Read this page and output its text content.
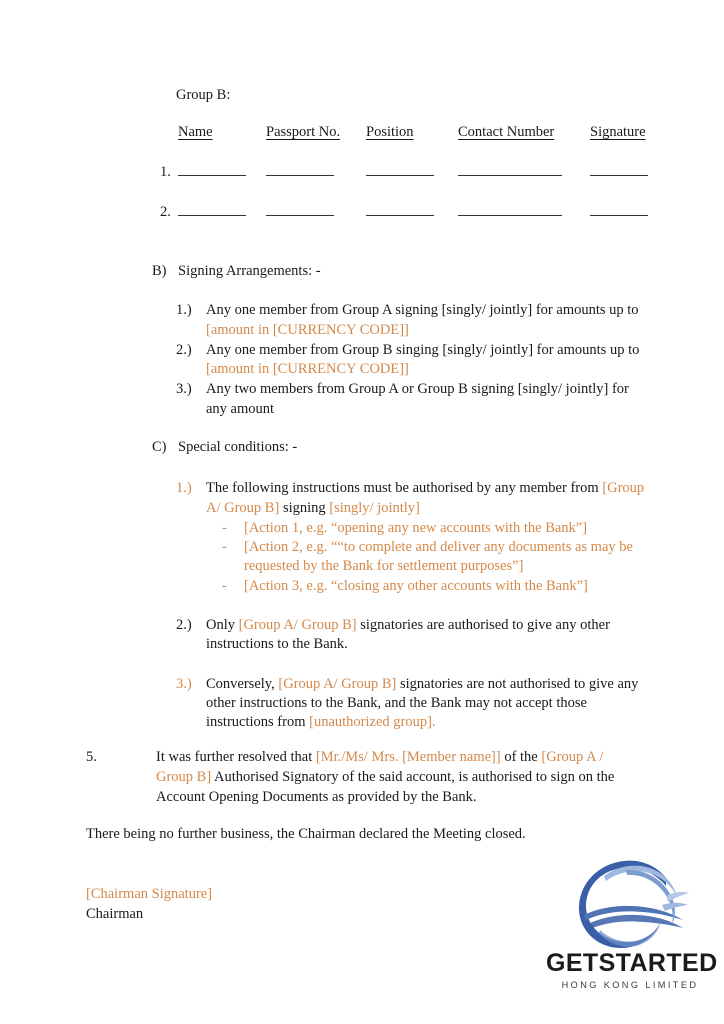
Group B:
	Name	Passport No.	Position	Contact Number	Signature
1.					
2.					
B) Signing Arrangements: -
1.) Any one member from Group A signing [singly/ jointly] for amounts up to [amount in [CURRENCY CODE]]
2.) Any one member from Group B singing [singly/ jointly] for amounts up to [amount in [CURRENCY CODE]]
3.) Any two members from Group A or Group B signing [singly/ jointly] for any amount
C) Special conditions: -
1.) The following instructions must be authorised by any member from [Group A/ Group B] signing [singly/ jointly]
-	[Action 1, e.g. “opening any new accounts with the Bank”]
-	[Action 2, e.g. ““to complete and deliver any documents as may be requested by the Bank for settlement purposes”]
-	[Action 3, e.g. “closing any other accounts with the Bank”]
2.) Only [Group A/ Group B] signatories are authorised to give any other instructions to the Bank.
3.) Conversely, [Group A/ Group B] signatories are not authorised to give any other instructions to the Bank, and the Bank may not accept those instructions from [unauthorized group].
5.	It was further resolved that [Mr./Ms/ Mrs. [Member name]] of the [Group A / Group B] Authorised Signatory of the said account, is authorised to sign on the Account Opening Documents as provided by the Bank.
There being no further business, the Chairman declared the Meeting closed.
[Chairman Signature]
Chairman
GETSTARTED
HONG KONG LIMITED
